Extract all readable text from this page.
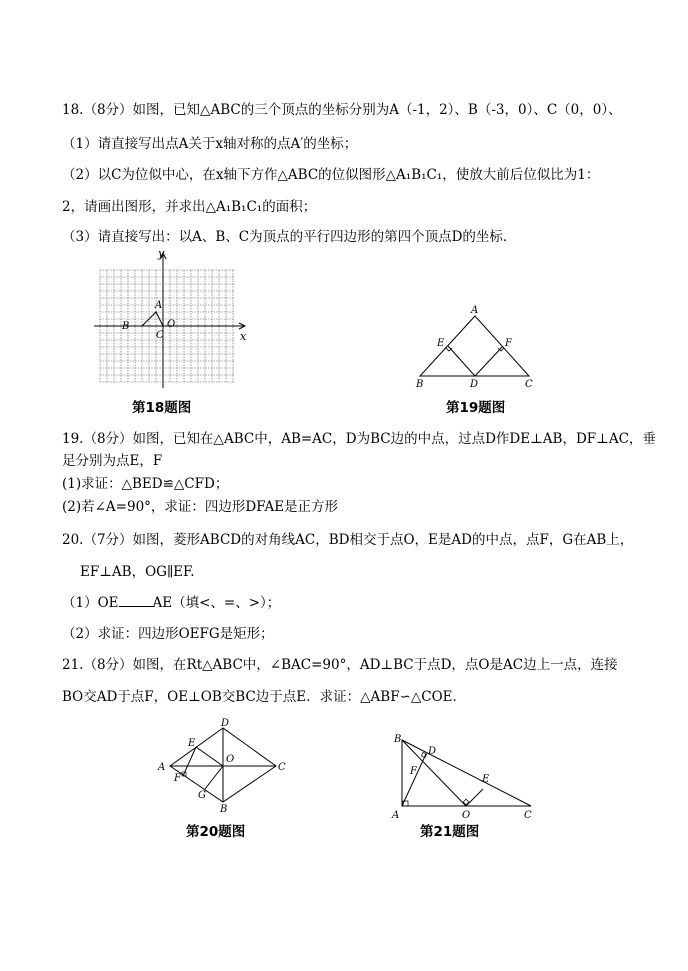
18.（8分）如图，已知△ABC的三个顶点的坐标分别为A（-1，2）、B（-3，0）、C（0，0）、
（1）请直接写出点A关于x轴对称的点A′的坐标；
（2）以C为位似中心，在x轴下方作△ABC的位似图形△A₁B₁C₁，使放大前后位似比为1：
2，请画出图形，并求出△A₁B₁C₁的面积；
（3）请直接写出：以A、B、C为顶点的平行四边形的第四个顶点D的坐标．
y
x
A
B	O
C
第18题图
A
E	F
B	D	C
第19题图
19.（8分）如图，已知在△ABC中，AB=AC，D为BC边的中点，过点D作DE⊥AB，DF⊥AC，垂
足分别为点E，F
(1)求证：△BED≌△CFD；
(2)若∠A=90°，求证：四边形DFAE是正方形
20.（7分）如图，菱形ABCD的对角线AC，BD相交于点O，E是AD的中点，点F，G在AB上，
EF⊥AB，OG∥EF.
（1）OE	AE（填<、=、>）；
（2）求证：四边形OEFG是矩形；
21.（8分）如图，在Rt△ABC中，∠BAC=90°，AD⊥BC于点D，点O是AC边上一点，连接
BO交AD于点F，OE⊥OB交BC边于点E．求证：△ABF∽△COE．
D
E
A
O
C
F
G
B
第20题图
B
D
F
E
A	O	C
第21题图
